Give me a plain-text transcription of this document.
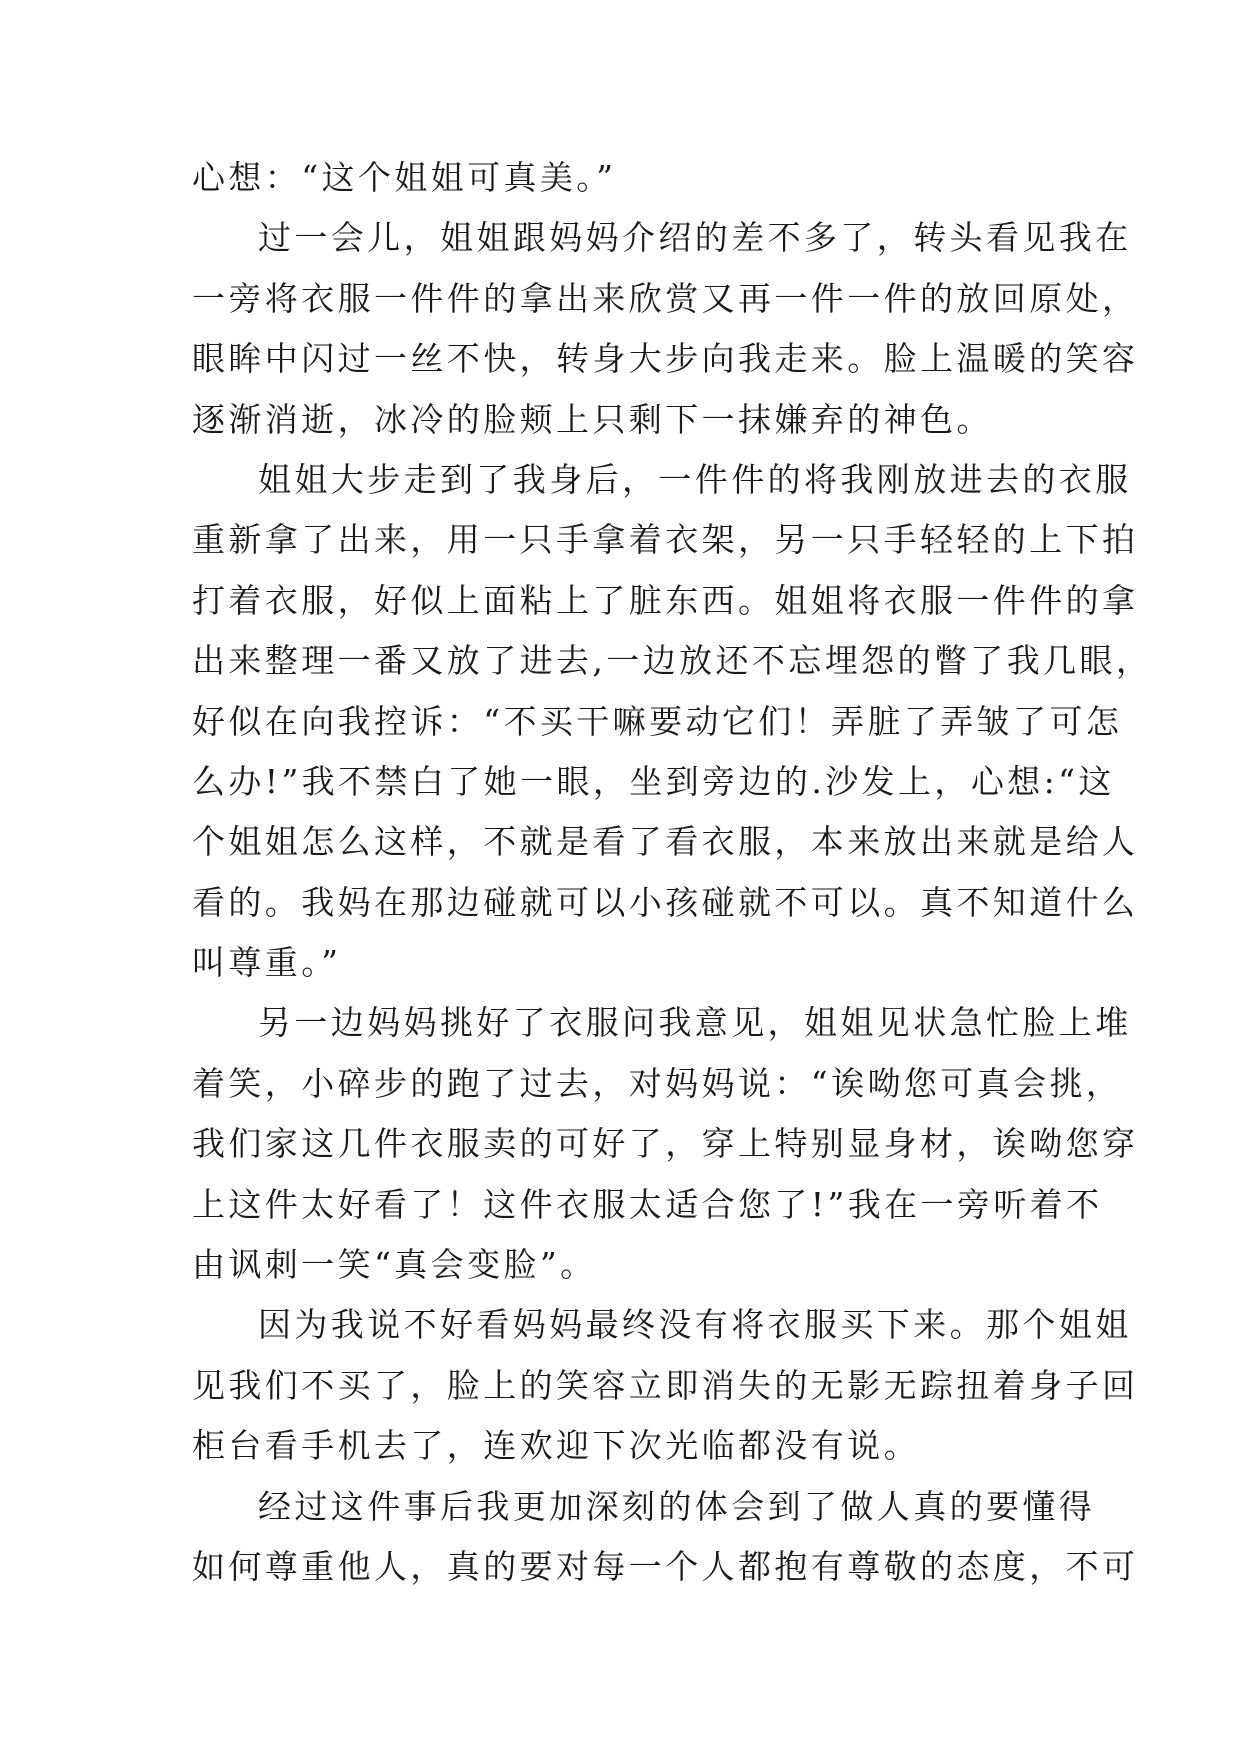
心想：“这个姐姐可真美。”
过一会儿，姐姐跟妈妈介绍的差不多了，转头看见我在
一旁将衣服一件件的拿出来欣赏又再一件一件的放回原处，
眼眸中闪过一丝不快，转身大步向我走来。脸上温暖的笑容
逐渐消逝，冰冷的脸颊上只剩下一抹嫌弃的神色。
姐姐大步走到了我身后，一件件的将我刚放进去的衣服
重新拿了出来，用一只手拿着衣架，另一只手轻轻的上下拍
打着衣服，好似上面粘上了脏东西。姐姐将衣服一件件的拿
出来整理一番又放了进去,一边放还不忘埋怨的瞥了我几眼，
好似在向我控诉：“不买干嘛要动它们！弄脏了弄皱了可怎
么办!”我不禁白了她一眼，坐到旁边的.沙发上，心想:“这
个姐姐怎么这样，不就是看了看衣服，本来放出来就是给人
看的。我妈在那边碰就可以小孩碰就不可以。真不知道什么
叫尊重。”
另一边妈妈挑好了衣服问我意见，姐姐见状急忙脸上堆
着笑，小碎步的跑了过去，对妈妈说：“诶呦您可真会挑，
我们家这几件衣服卖的可好了，穿上特别显身材，诶呦您穿
上这件太好看了！这件衣服太适合您了!”我在一旁听着不
由讽刺一笑“真会变脸”。
因为我说不好看妈妈最终没有将衣服买下来。那个姐姐
见我们不买了，脸上的笑容立即消失的无影无踪扭着身子回
柜台看手机去了，连欢迎下次光临都没有说。
经过这件事后我更加深刻的体会到了做人真的要懂得
如何尊重他人，真的要对每一个人都抱有尊敬的态度，不可
